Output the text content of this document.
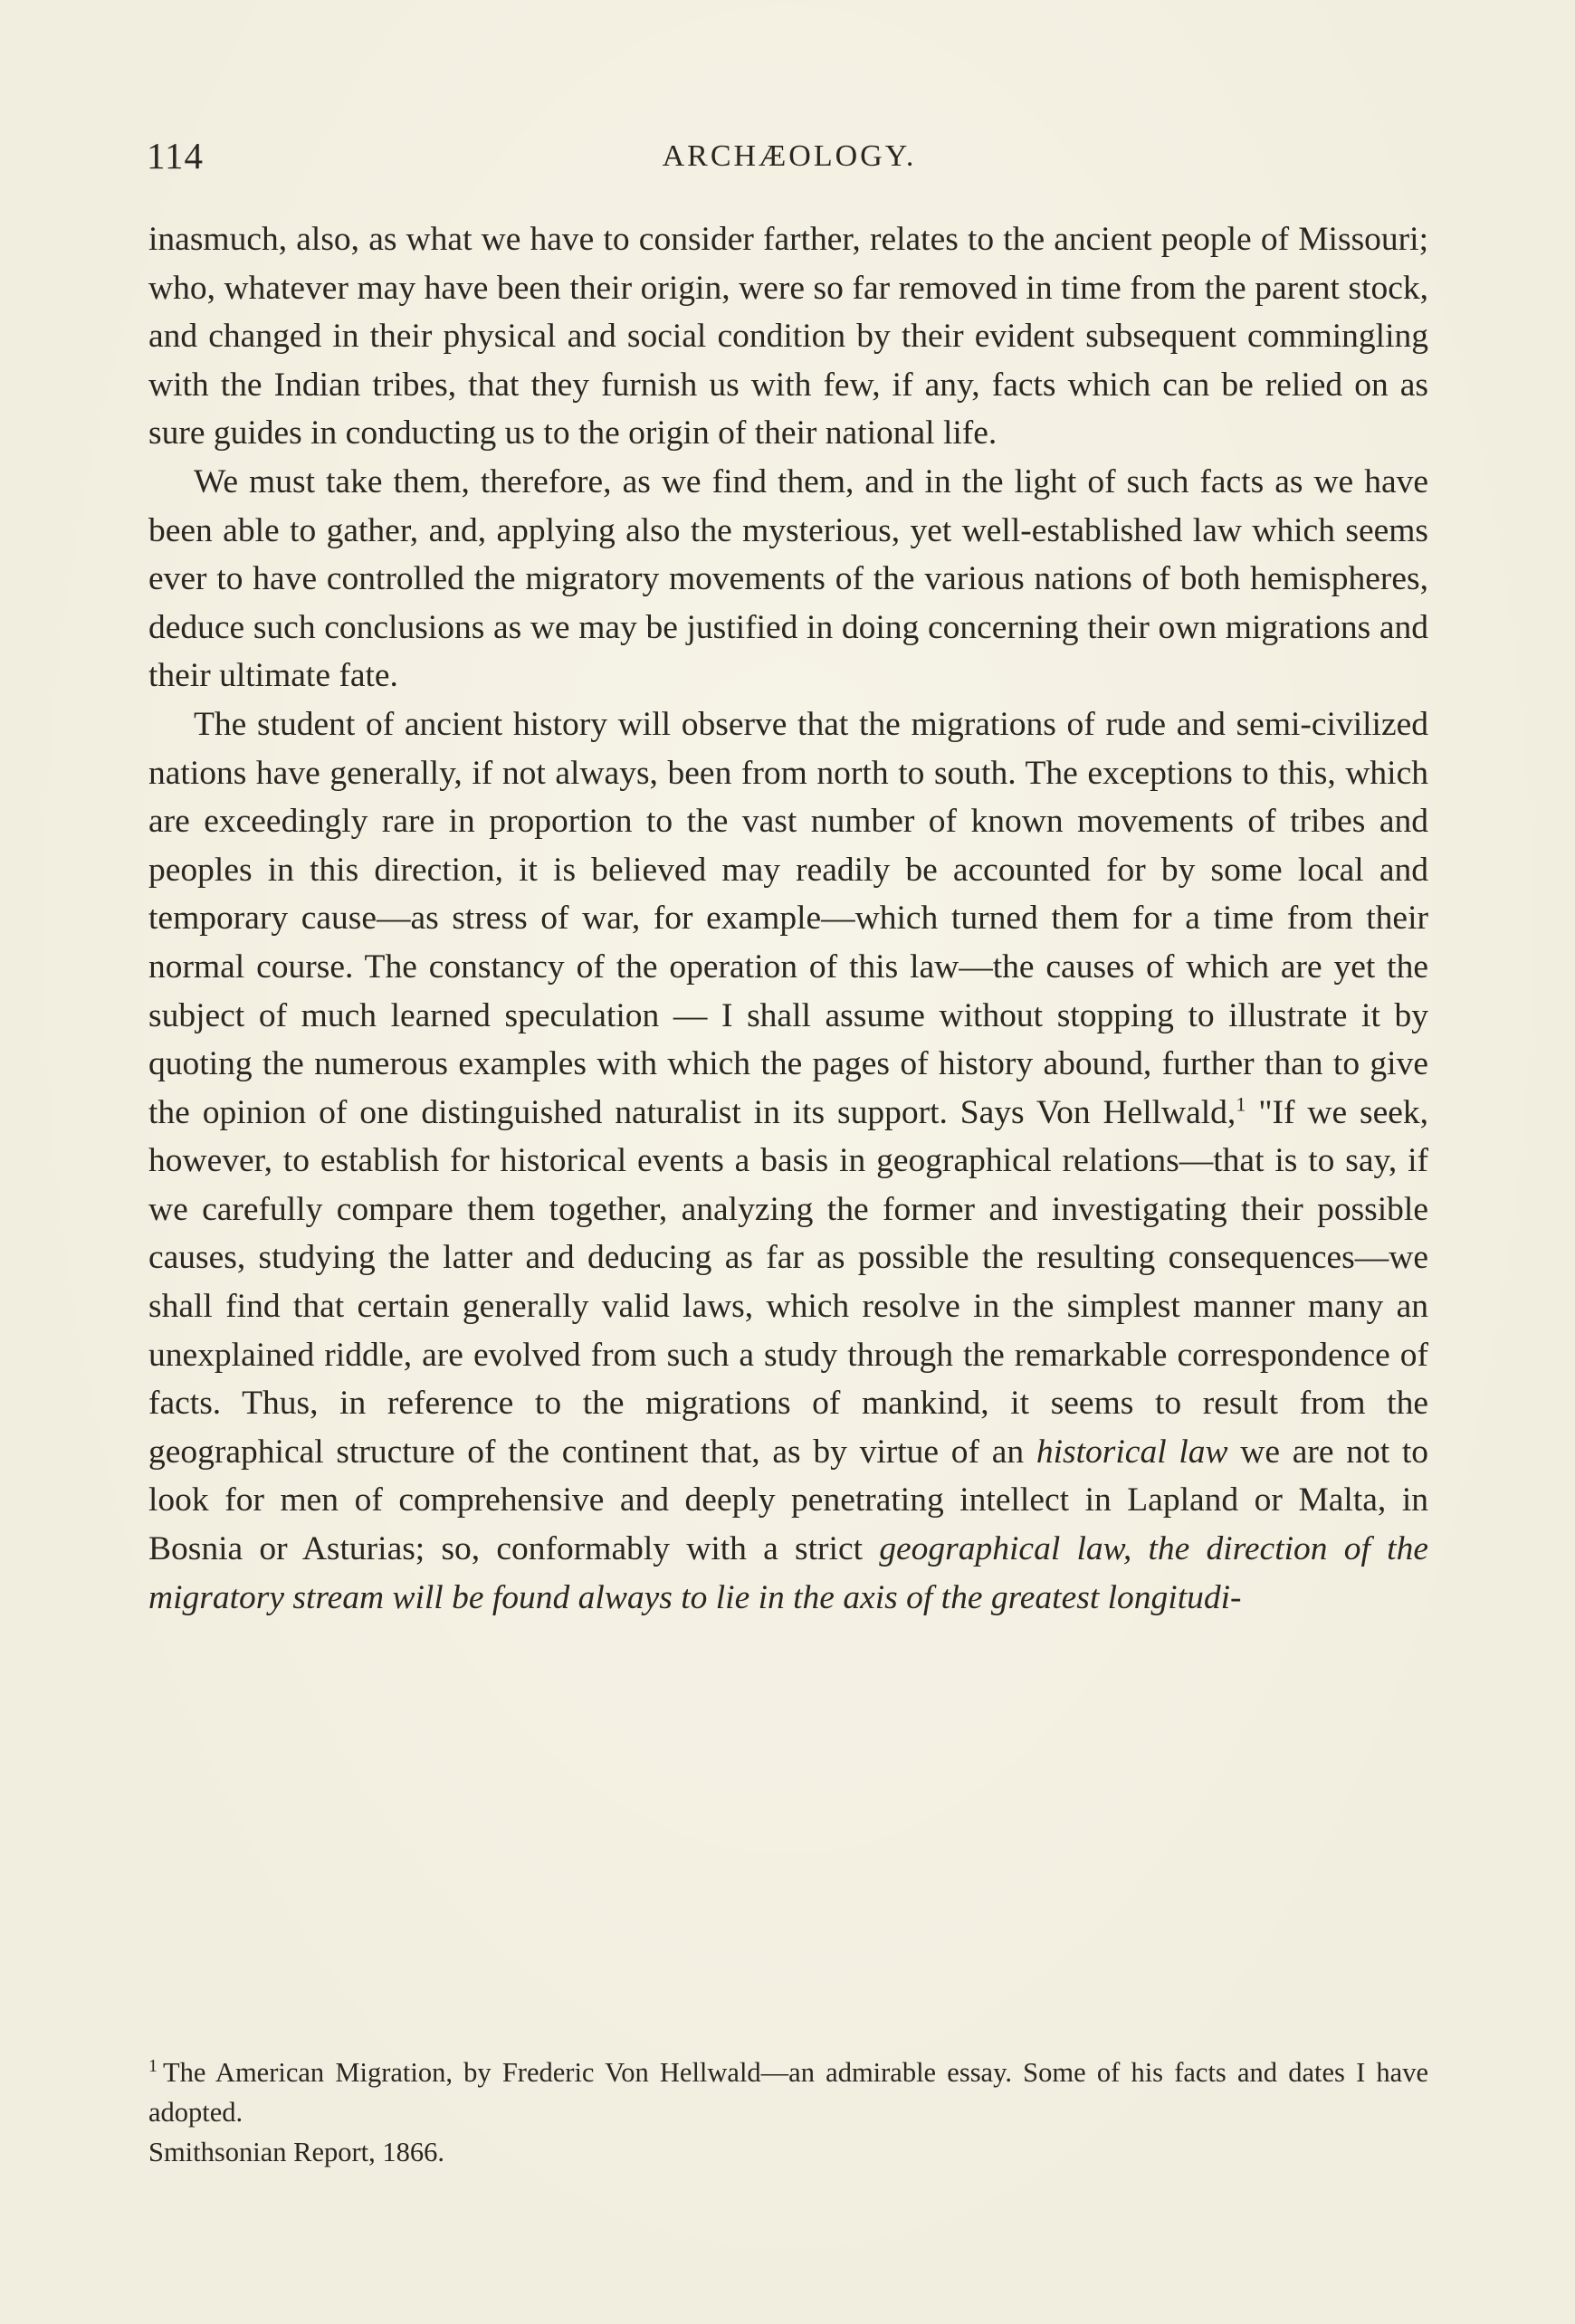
114	ARCHÆOLOGY.

inasmuch, also, as what we have to consider farther, relates to the ancient people of Missouri; who, whatever may have been their origin, were so far removed in time from the parent stock, and changed in their physical and social condition by their evident subsequent commingling with the Indian tribes, that they furnish us with few, if any, facts which can be relied on as sure guides in conducting us to the origin of their national life.

We must take them, therefore, as we find them, and in the light of such facts as we have been able to gather, and, applying also the mysterious, yet well-established law which seems ever to have controlled the migratory movements of the various nations of both hemispheres, deduce such conclusions as we may be justified in doing concerning their own migrations and their ultimate fate.

The student of ancient history will observe that the migrations of rude and semi-civilized nations have generally, if not always, been from north to south. The exceptions to this, which are exceedingly rare in proportion to the vast number of known movements of tribes and peoples in this direction, it is believed may readily be accounted for by some local and temporary cause—as stress of war, for example—which turned them for a time from their normal course. The constancy of the operation of this law—the causes of which are yet the subject of much learned speculation — I shall assume without stopping to illustrate it by quoting the numerous examples with which the pages of history abound, further than to give the opinion of one distinguished naturalist in its support. Says Von Hellwald,$^1$ "If we seek, however, to establish for historical events a basis in geographical relations—that is to say, if we carefully compare them together, analyzing the former and investigating their possible causes, studying the latter and deducing as far as possible the resulting consequences—we shall find that certain generally valid laws, which resolve in the simplest manner many an unexplained riddle, are evolved from such a study through the remarkable correspondence of facts. Thus, in reference to the migrations of mankind, it seems to result from the geographical structure of the continent that, as by virtue of an historical law we are not to look for men of comprehensive and deeply penetrating intellect in Lapland or Malta, in Bosnia or Asturias; so, conformably with a strict geographical law, the direction of the migratory stream will be found always to lie in the axis of the greatest longitudi-

$^1$ The American Migration, by Frederic Von Hellwald—an admirable essay. Some of his facts and dates I have adopted.

Smithsonian Report, 1866.
